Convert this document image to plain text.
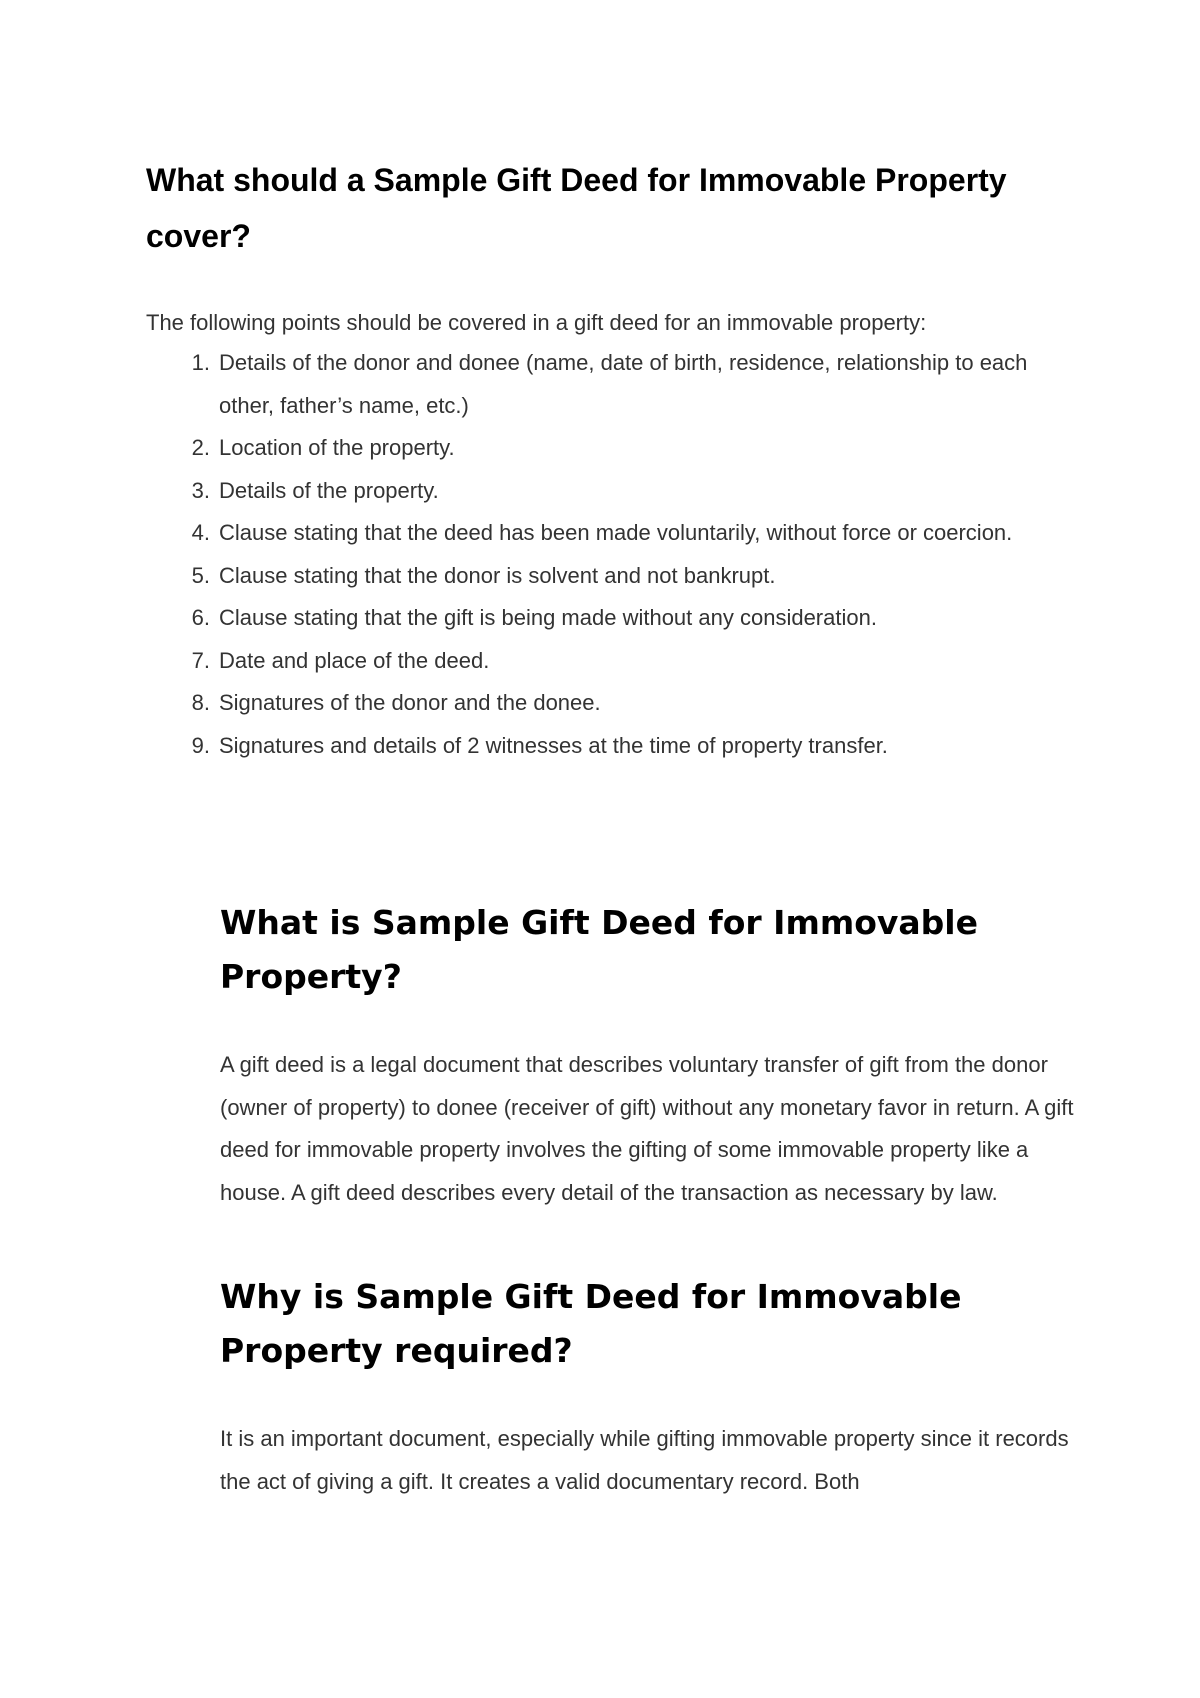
What should a Sample Gift Deed for Immovable Property cover?

The following points should be covered in a gift deed for an immovable property:

1. Details of the donor and donee (name, date of birth, residence, relationship to each other, father’s name, etc.)
2. Location of the property.
3. Details of the property.
4. Clause stating that the deed has been made voluntarily, without force or coercion.
5. Clause stating that the donor is solvent and not bankrupt.
6. Clause stating that the gift is being made without any consideration.
7. Date and place of the deed.
8. Signatures of the donor and the donee.
9. Signatures and details of 2 witnesses at the time of property transfer.
What is Sample Gift Deed for Immovable Property?

A gift deed is a legal document that describes voluntary transfer of gift from the donor (owner of property) to donee (receiver of gift) without any monetary favor in return. A gift deed for immovable property involves the gifting of some immovable property like a house. A gift deed describes every detail of the transaction as necessary by law.

Why is Sample Gift Deed for Immovable Property required?

It is an important document, especially while gifting immovable property since it records the act of giving a gift. It creates a valid documentary record. Both
